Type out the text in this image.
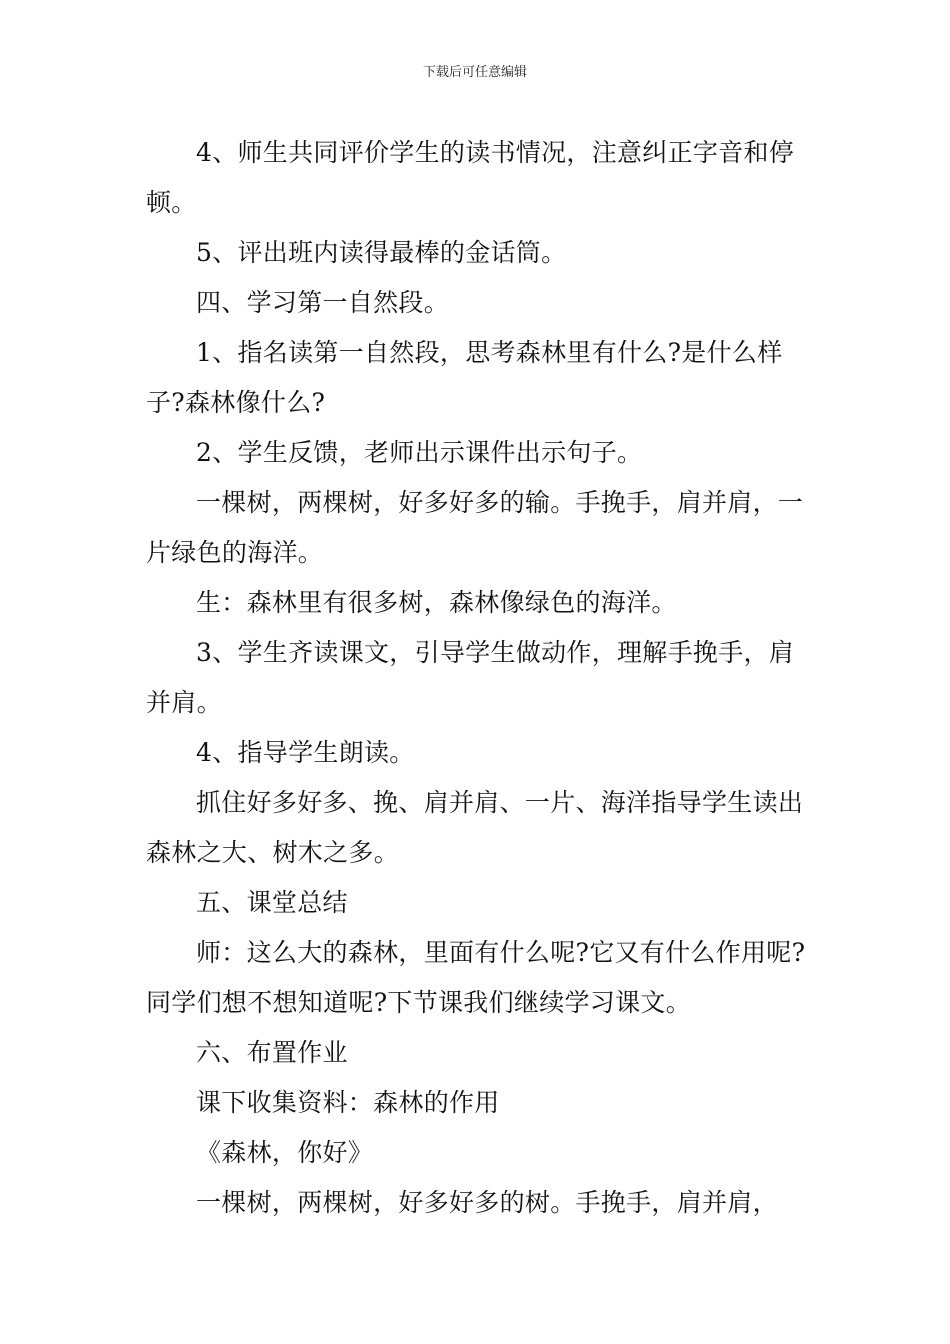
下载后可任意编辑

4、师生共同评价学生的读书情况，注意纠正字音和停顿。

5、评出班内读得最棒的金话筒。

四、学习第一自然段。

1、指名读第一自然段，思考森林里有什么?是什么样子?森林像什么?

2、学生反馈，老师出示课件出示句子。

一棵树，两棵树，好多好多的输。手挽手，肩并肩，一片绿色的海洋。

生：森林里有很多树，森林像绿色的海洋。

3、学生齐读课文，引导学生做动作，理解手挽手，肩并肩。

4、指导学生朗读。

抓住好多好多、挽、肩并肩、一片、海洋指导学生读出森林之大、树木之多。

五、课堂总结

师：这么大的森林，里面有什么呢?它又有什么作用呢?同学们想不想知道呢?下节课我们继续学习课文。

六、布置作业

课下收集资料：森林的作用

《森林，你好》

一棵树，两棵树，好多好多的树。手挽手，肩并肩，
